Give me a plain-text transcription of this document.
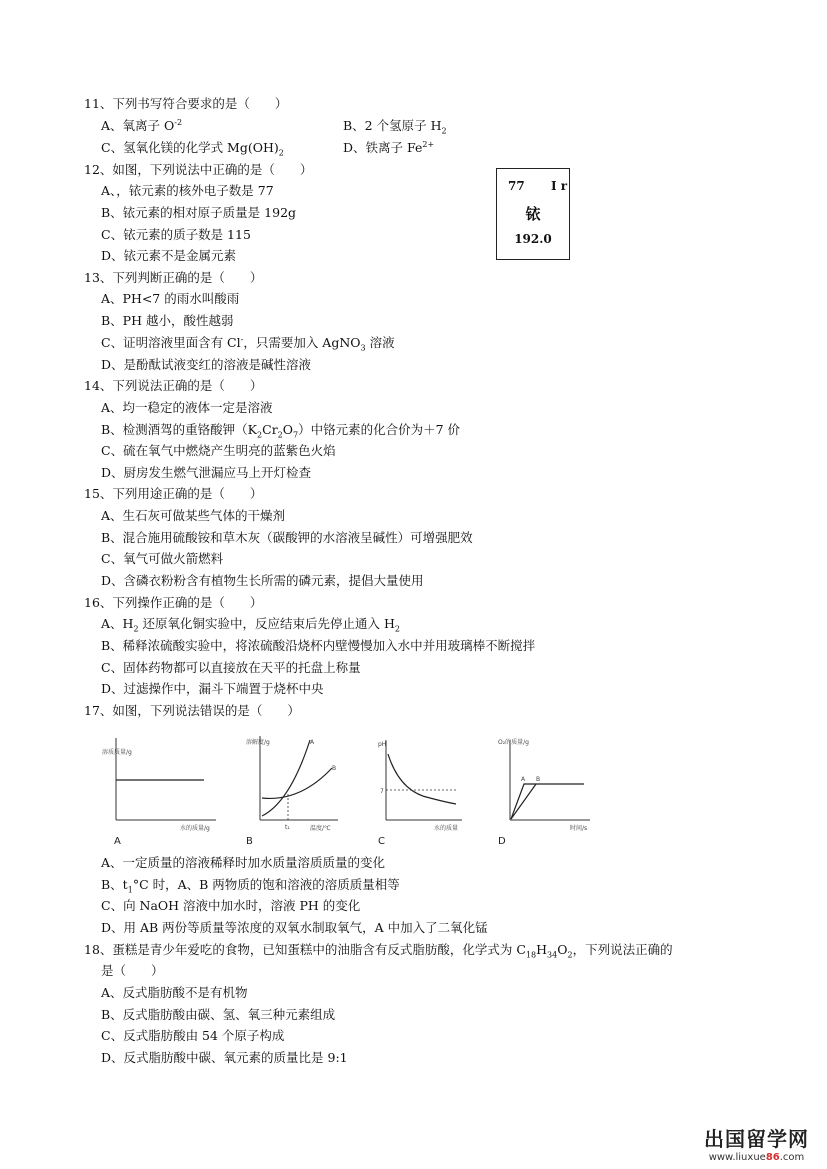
11、下列书写符合要求的是（　　）
A、氧离子 $O^{-2}$	B、2 个氢原子 $H_2$
C、氢氧化镁的化学式 $Mg(OH)_2$	D、铁离子 $Fe^{2+}$
12、如图，下列说法中正确的是（　　）
A、，铱元素的核外电子数是 77
B、铱元素的相对原子质量是 192g
C、铱元素的质子数是 115
D、铱元素不是金属元素
77 I r
铱
192.0
13、下列判断正确的是（　　）
A、PH<7 的雨水叫酸雨
B、PH 越小，酸性越弱
C、证明溶液里面含有 Cl-，只需要加入 AgNO$_3$ 溶液
D、是酚酞试液变红的溶液是碱性溶液
14、下列说法正确的是（　　）
A、均一稳定的液体一定是溶液
B、检测酒驾的重铬酸钾$(K_2Cr_2O_7)$中铬元素的化合价为＋7 价
C、硫在氧气中燃烧产生明亮的蓝紫色火焰
D、厨房发生燃气泄漏应马上开灯检查
15、下列用途正确的是（　　）
A、生石灰可做某些气体的干燥剂
B、混合施用硫酸铵和草木灰（碳酸钾的水溶液呈碱性）可增强肥效
C、氧气可做火箭燃料
D、含磷衣粉粉含有植物生长所需的磷元素，提倡大量使用
16、下列操作正确的是（　　）
A、$H_2$ 还原氧化铜实验中，反应结束后先停止通入 $H_2$
B、稀释浓硫酸实验中，将浓硫酸沿烧杯内壁慢慢加入水中并用玻璃棒不断搅拌
C、固体药物都可以直接放在天平的托盘上称量
D、过滤操作中，漏斗下端置于烧杯中央
17、如图，下列说法错误的是（　　）
溶质质量/g
水的质量/g
A
溶解度/g
温度/℃
t₁
A
B
B
pH
7
水的质量
C
O₂的质量/g
时间/s
A B
D
A、一定质量的溶液稀释时加水质量溶质质量的变化
B、$t_1^\circ C$ 时，A、B 两物质的饱和溶液的溶质质量相等
C、向 NaOH 溶液中加水时，溶液 PH 的变化
D、用 AB 两份等质量等浓度的双氧水制取氧气，A 中加入了二氧化锰
18、蛋糕是青少年爱吃的食物，已知蛋糕中的油脂含有反式脂肪酸，化学式为 $C_{18}H_{34}O_2$，下列说法正确的
是（　　）
A、反式脂肪酸不是有机物
B、反式脂肪酸由碳、氢、氧三种元素组成
C、反式脂肪酸由 54 个原子构成
D、反式脂肪酸中碳、氧元素的质量比是 9:1
出国留学网
www.liuxue86.com
